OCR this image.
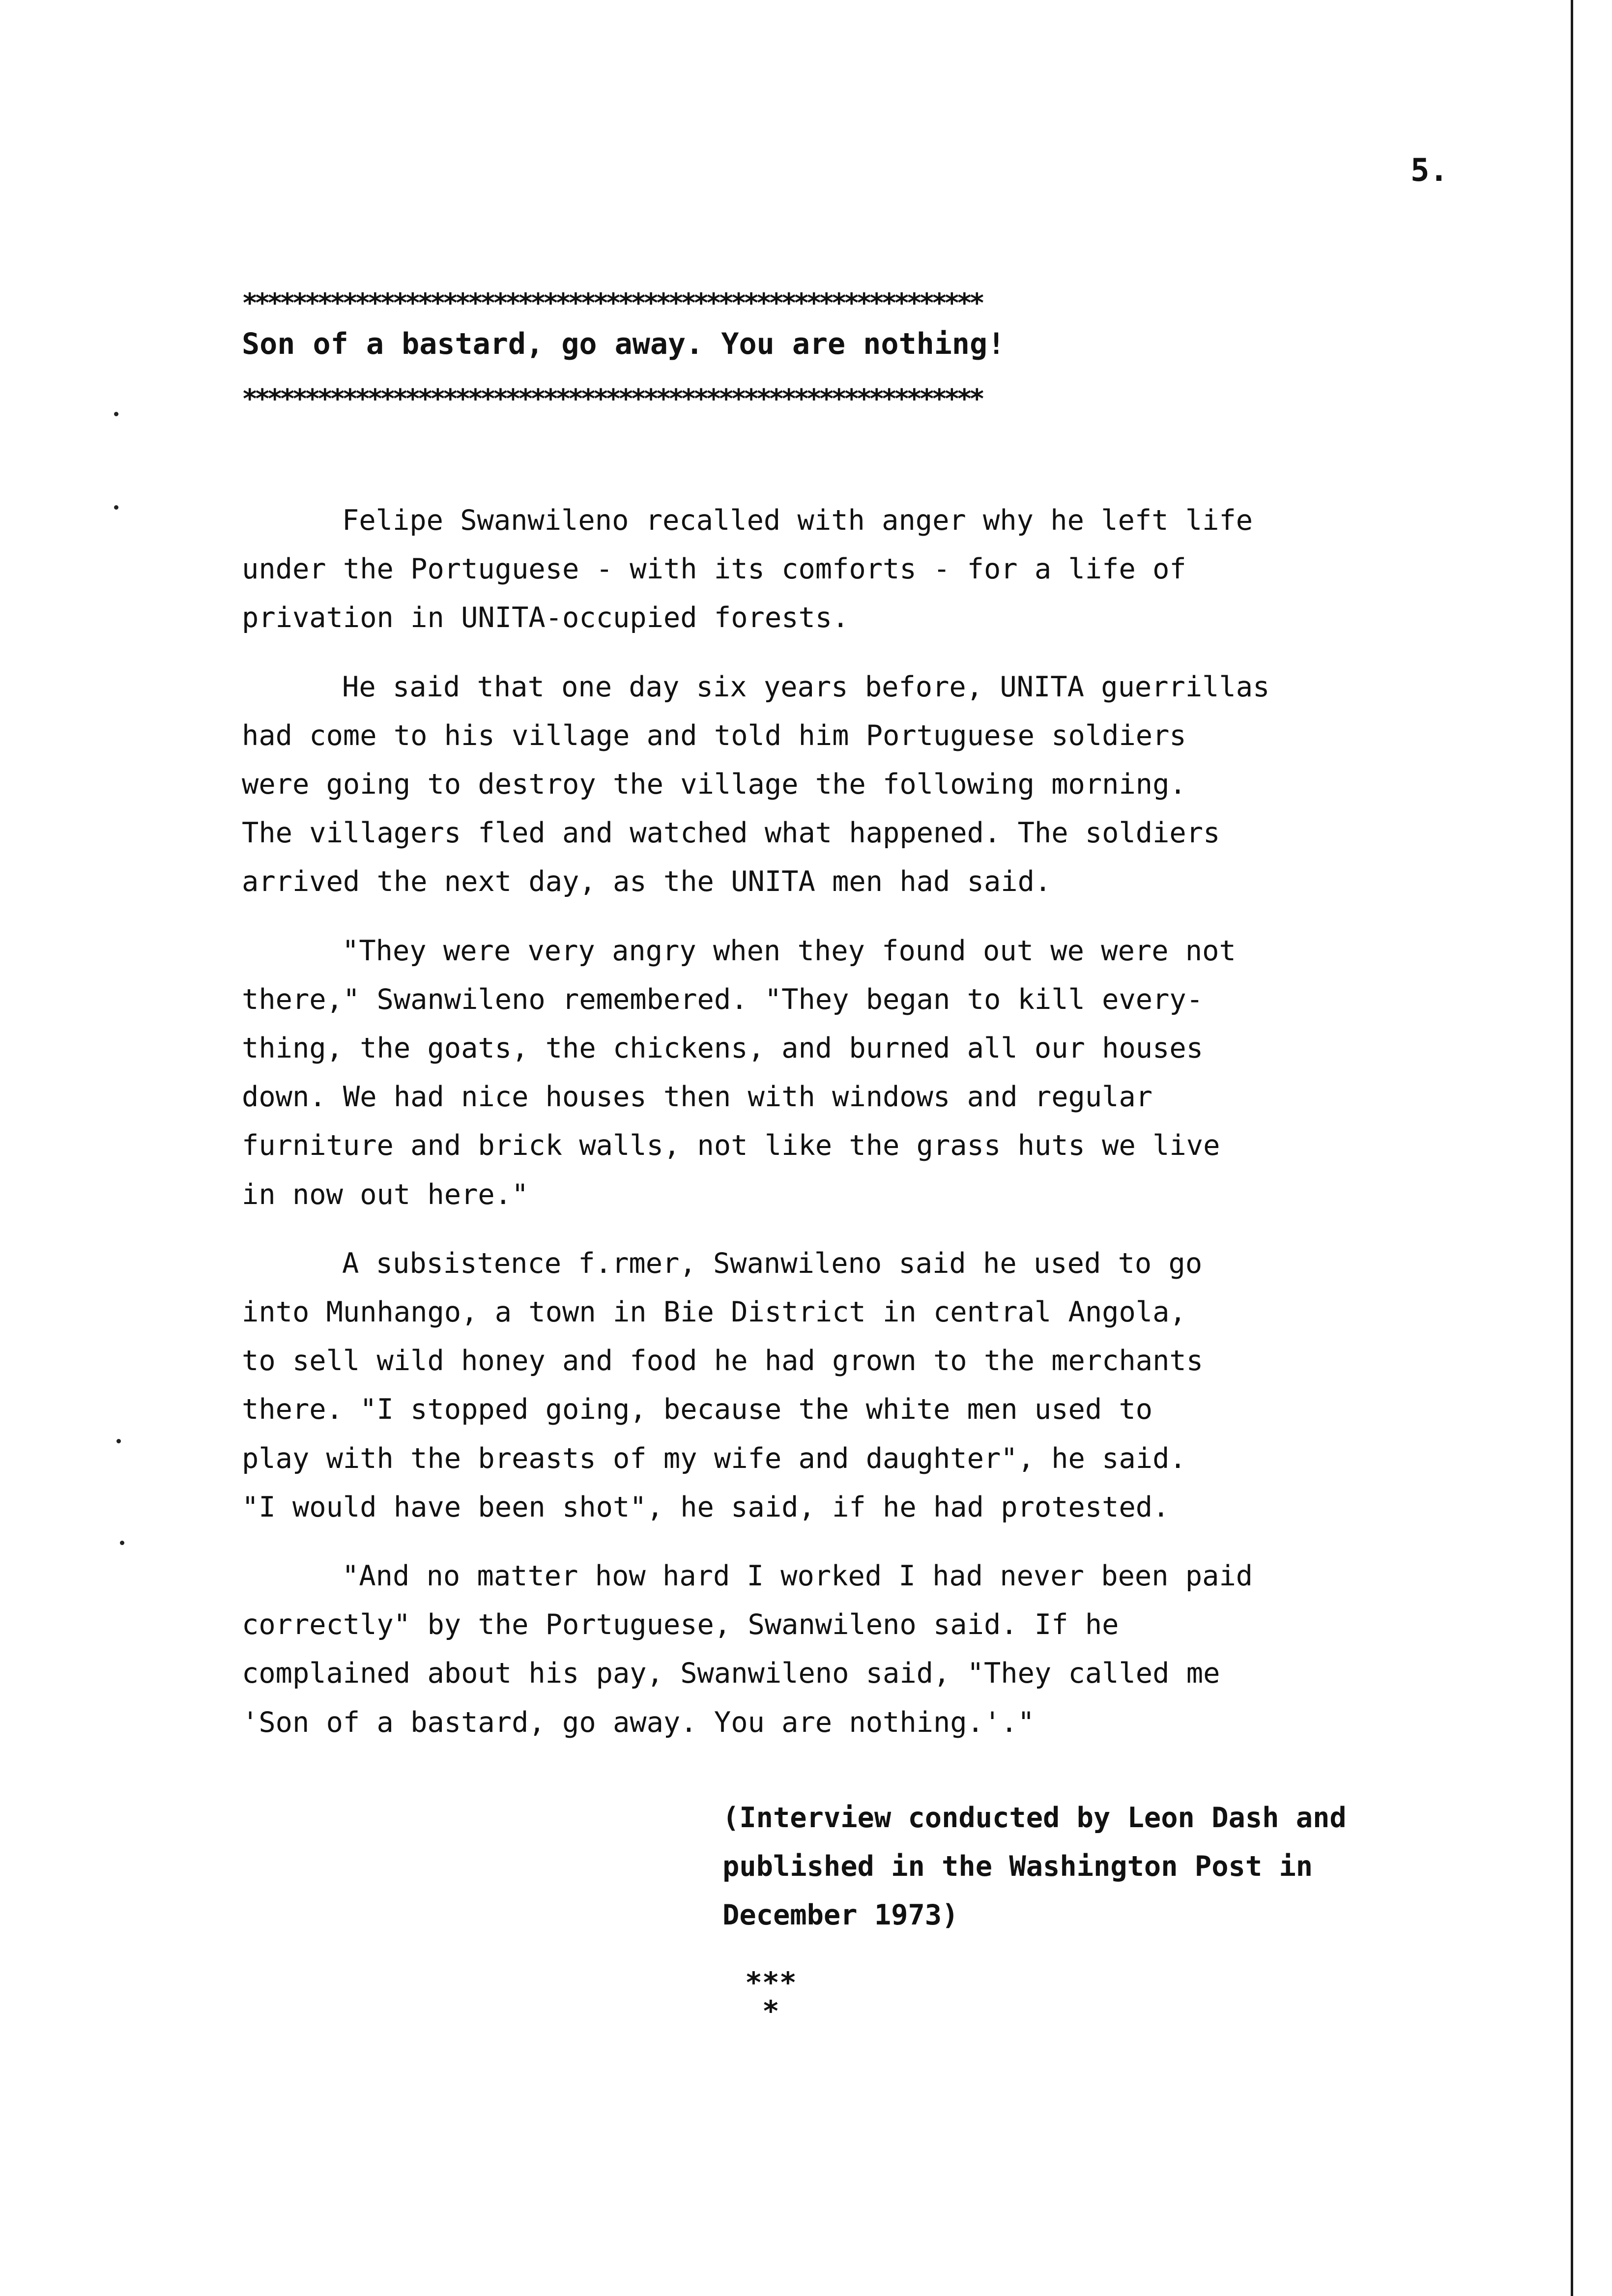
5.
***********************************************************
Son of a bastard, go away. You are nothing!
***********************************************************

Felipe Swanwileno recalled with anger why he left life
under the Portuguese - with its comforts - for a life of
privation in UNITA-occupied forests.

He said that one day six years before, UNITA guerrillas
had come to his village and told him Portuguese soldiers
were going to destroy the village the following morning.
The villagers fled and watched what happened. The soldiers
arrived the next day, as the UNITA men had said.

"They were very angry when they found out we were not
there," Swanwileno remembered. "They began to kill every-
thing, the goats, the chickens, and burned all our houses
down. We had nice houses then with windows and regular
furniture and brick walls, not like the grass huts we live
in now out here."

A subsistence f.rmer, Swanwileno said he used to go
into Munhango, a town in Bie District in central Angola,
to sell wild honey and food he had grown to the merchants
there. "I stopped going, because the white men used to
play with the breasts of my wife and daughter", he said.
"I would have been shot", he said, if he had protested.

"And no matter how hard I worked I had never been paid
correctly" by the Portuguese, Swanwileno said. If he
complained about his pay, Swanwileno said, "They called me
'Son of a bastard, go away. You are nothing.'."

(Interview conducted by Leon Dash and
published in the Washington Post in
December 1973)
***
*
